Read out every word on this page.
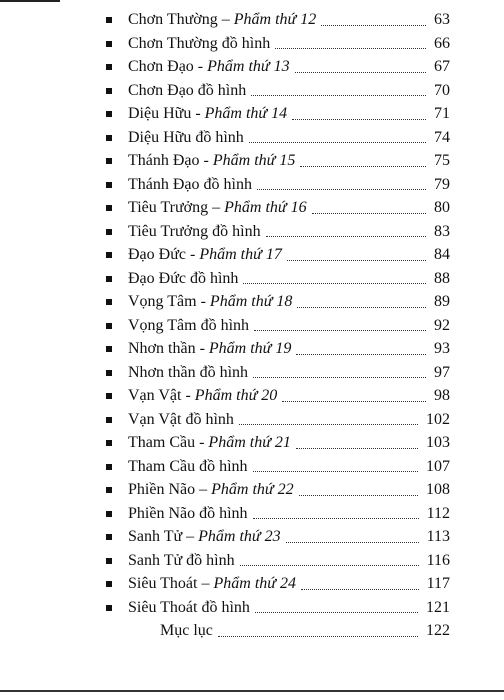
Chơn Thường – Phẩm thứ 12	63
Chơn Thường đồ hình	66
Chơn Đạo - Phẩm thứ 13	67
Chơn Đạo đồ hình	70
Diệu Hữu - Phẩm thứ 14	71
Diệu Hữu đồ hình	74
Thánh Đạo - Phẩm thứ 15	75
Thánh Đạo đồ hình	79
Tiêu Trưởng – Phẩm thứ 16	80
Tiêu Trưởng đồ hình	83
Đạo Đức - Phẩm thứ 17	84
Đạo Đức đồ hình	88
Vọng Tâm - Phẩm thứ 18	89
Vọng Tâm đồ hình	92
Nhơn thần - Phẩm thứ 19	93
Nhơn thần đồ hình	97
Vạn Vật - Phẩm thứ 20	98
Vạn Vật đồ hình	102
Tham Cầu - Phẩm thứ 21	103
Tham Cầu đồ hình	107
Phiền Não – Phẩm thứ 22	108
Phiền Não đồ hình	112
Sanh Tử – Phẩm thứ 23	113
Sanh Tử đồ hình	116
Siêu Thoát – Phẩm thứ 24	117
Siêu Thoát đồ hình	121
Mục lục	122
